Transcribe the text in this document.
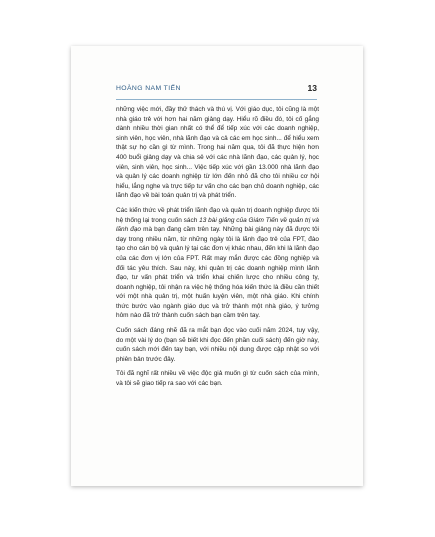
HOÀNG NAM TIẾN	13

những việc mới, đầy thử thách và thú vị. Với giáo dục, tôi cũng là một nhà giáo trẻ với hơn hai năm giảng dạy. Hiểu rõ điều đó, tôi cố gắng dành nhiều thời gian nhất có thể để tiếp xúc với các doanh nghiệp, sinh viên, học viên, nhà lãnh đạo và cả các em học sinh... để hiểu xem thật sự họ cần gì từ mình. Trong hai năm qua, tôi đã thực hiện hơn 400 buổi giảng dạy và chia sẻ với các nhà lãnh đạo, các quản lý, học viên, sinh viên, học sinh... Việc tiếp xúc với gần 13.000 nhà lãnh đạo và quản lý các doanh nghiệp từ lớn đến nhỏ đã cho tôi nhiều cơ hội hiểu, lắng nghe và trực tiếp tư vấn cho các bạn chủ doanh nghiệp, các lãnh đạo về bài toán quản trị và phát triển.

Các kiến thức về phát triển lãnh đạo và quản trị doanh nghiệp được tôi hệ thống lại trong cuốn sách 13 bài giảng của Giám Tiến về quản trị và lãnh đạo mà bạn đang cầm trên tay. Những bài giảng này đã được tôi dạy trong nhiều năm, từ những ngày tôi là lãnh đạo trẻ của FPT, đào tạo cho cán bộ và quản lý tại các đơn vị khác nhau, đến khi là lãnh đạo của các đơn vị lớn của FPT. Rất may mắn được các đồng nghiệp và đối tác yêu thích. Sau này, khi quản trị các doanh nghiệp mình lãnh đạo, tư vấn phát triển và triển khai chiến lược cho nhiều công ty, doanh nghiệp, tôi nhận ra việc hệ thống hóa kiến thức là điều cần thiết với một nhà quản trị, một huấn luyện viên, một nhà giáo. Khi chính thức bước vào ngành giáo dục và trở thành một nhà giáo, ý tưởng hôm nào đã trở thành cuốn sách bạn cầm trên tay.

Cuốn sách đáng nhẽ đã ra mắt bạn đọc vào cuối năm 2024, tuy vậy, do một vài lý do (bạn sẽ biết khi đọc đến phần cuối sách) đến giờ này, cuốn sách mới đến tay bạn, với nhiều nội dung được cập nhật so với phiên bản trước đây.

Tôi đã nghĩ rất nhiều về việc độc giả muốn gì từ cuốn sách của mình, và tôi sẽ giao tiếp ra sao với các bạn.
